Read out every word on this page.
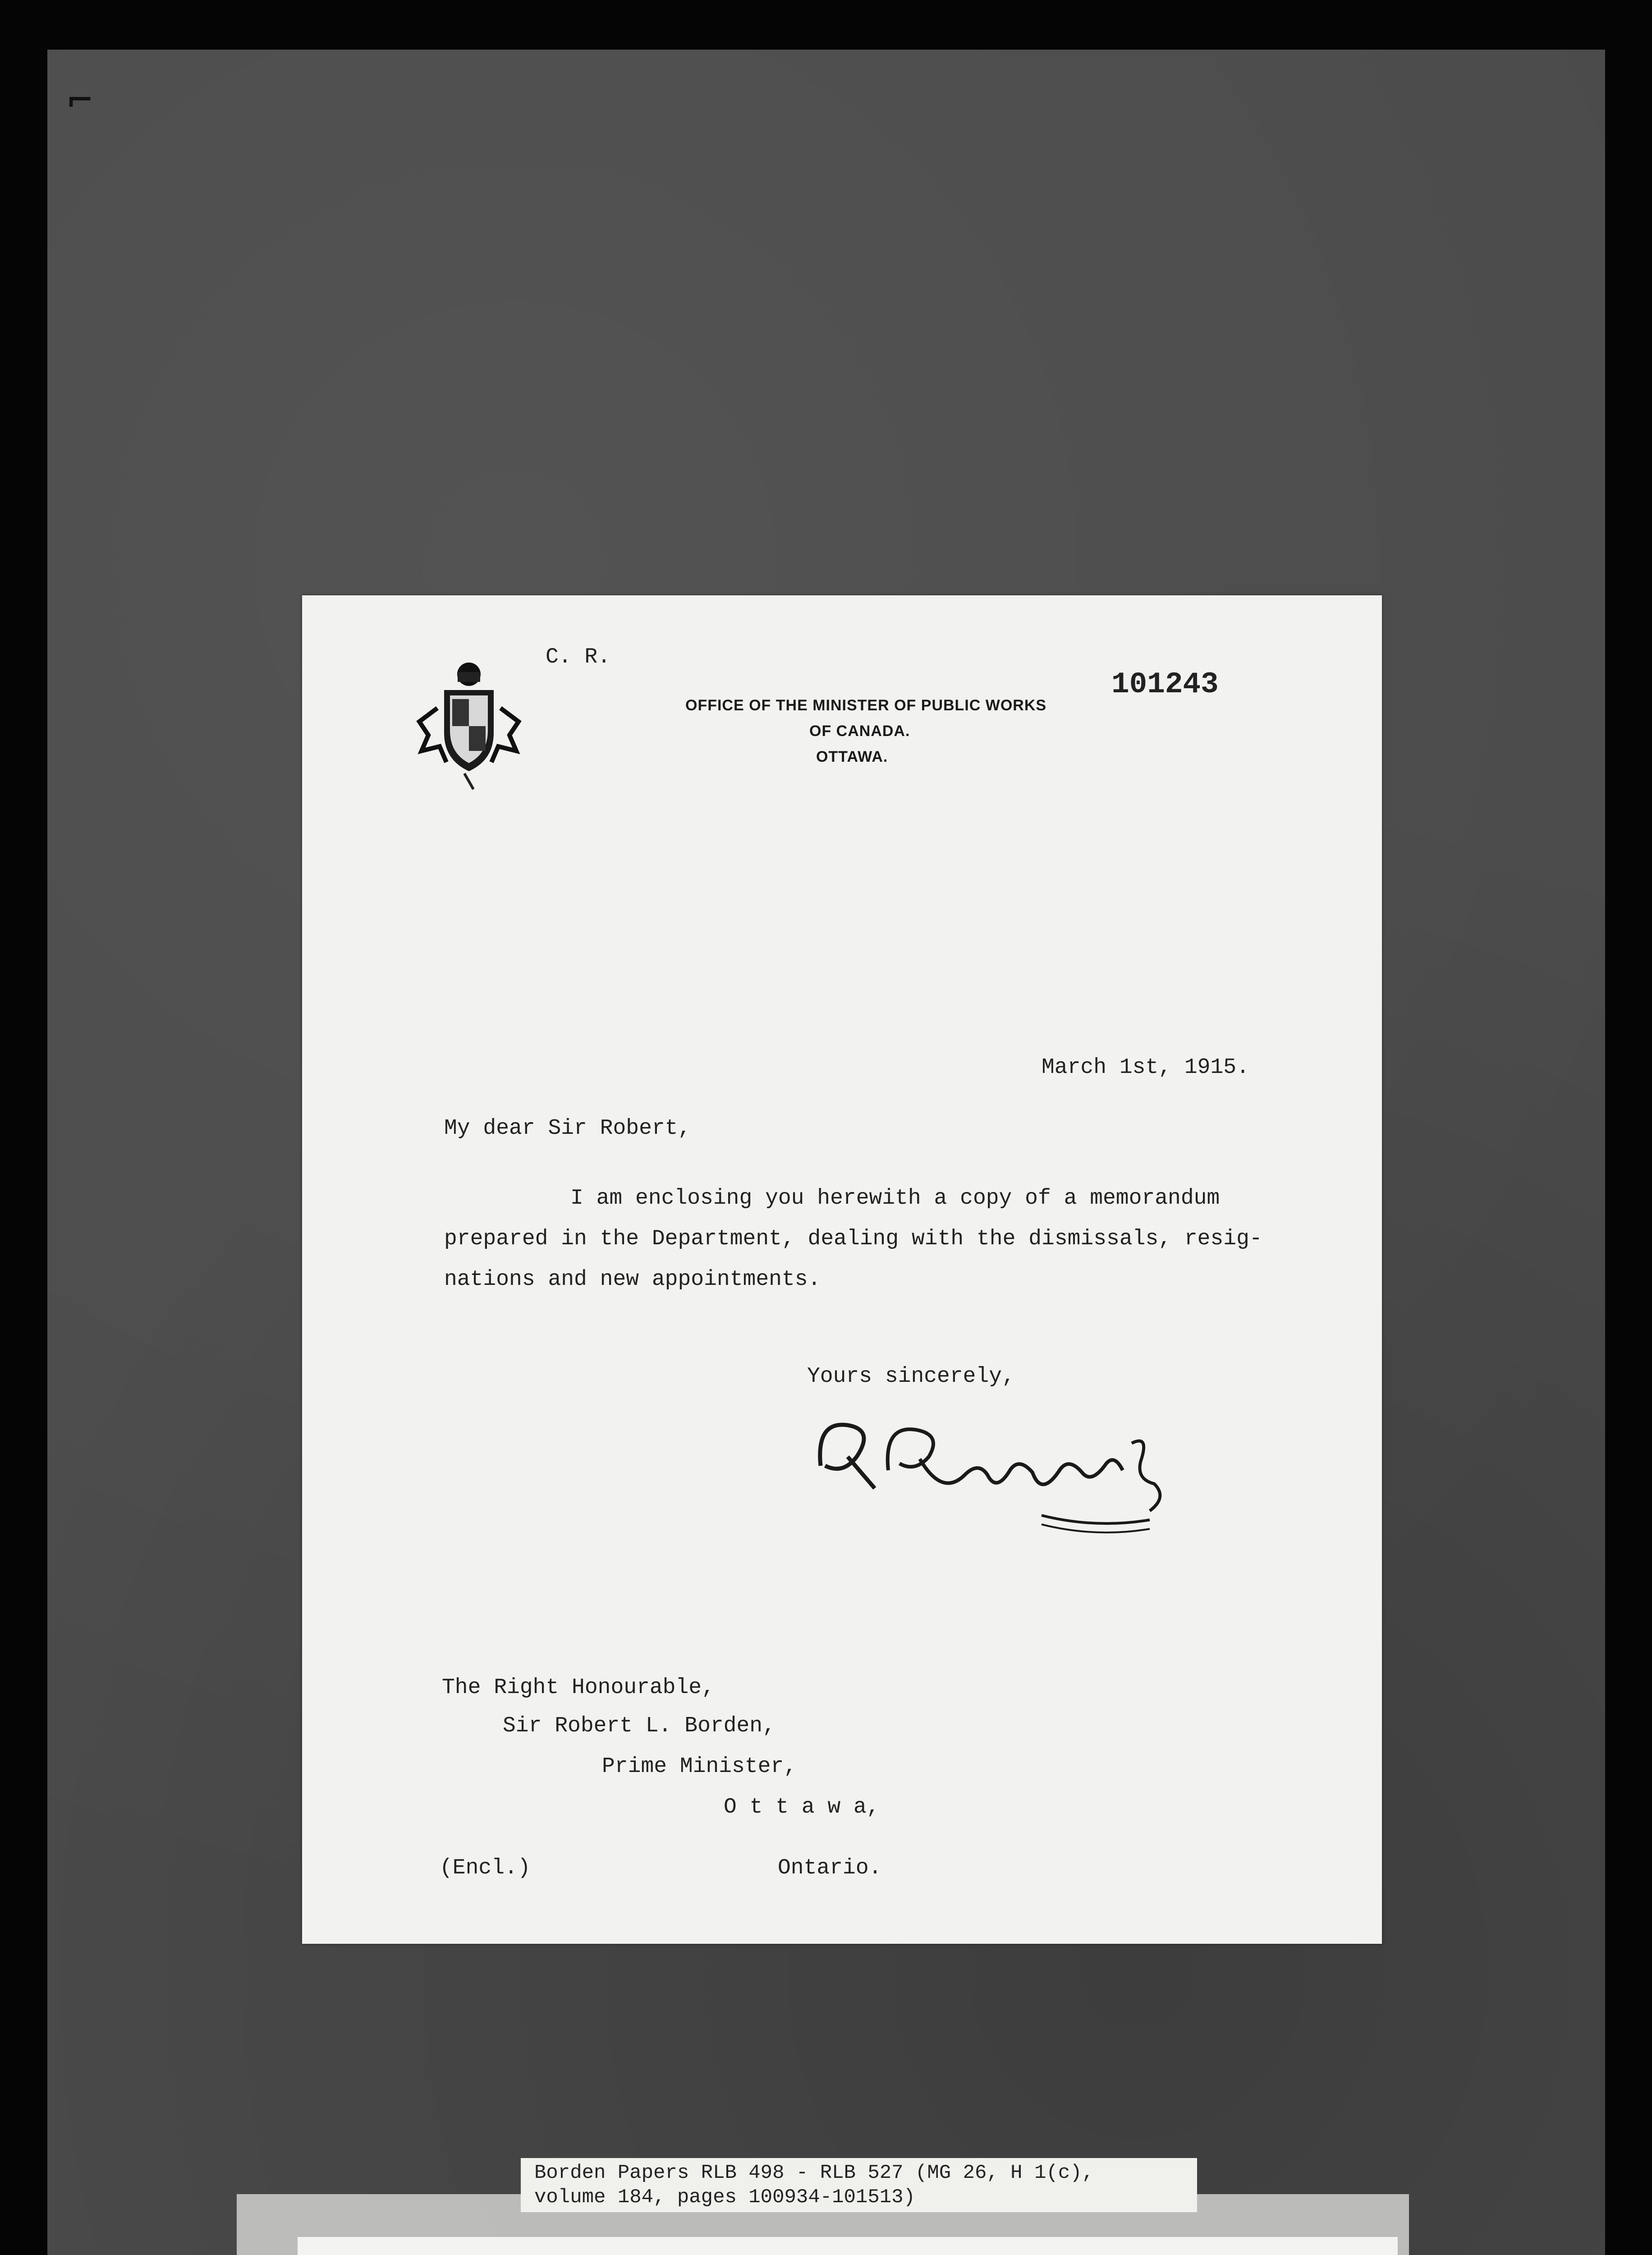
⌐
C. R.
OFFICE OF THE MINISTER OF PUBLIC WORKS
OF CANADA.
OTTAWA.
101243
March 1st, 1915.
My dear Sir Robert,
I am enclosing you herewith a copy of a memorandum
prepared in the Department, dealing with the dismissals, resig-
nations and new appointments.
Yours sincerely,
The Right Honourable,
Sir Robert L. Borden,
Prime Minister,
O t t a w a,
Ontario.
(Encl.)
Borden Papers RLB 498 - RLB 527 (MG 26, H 1(c),
volume 184, pages 100934-101513)
